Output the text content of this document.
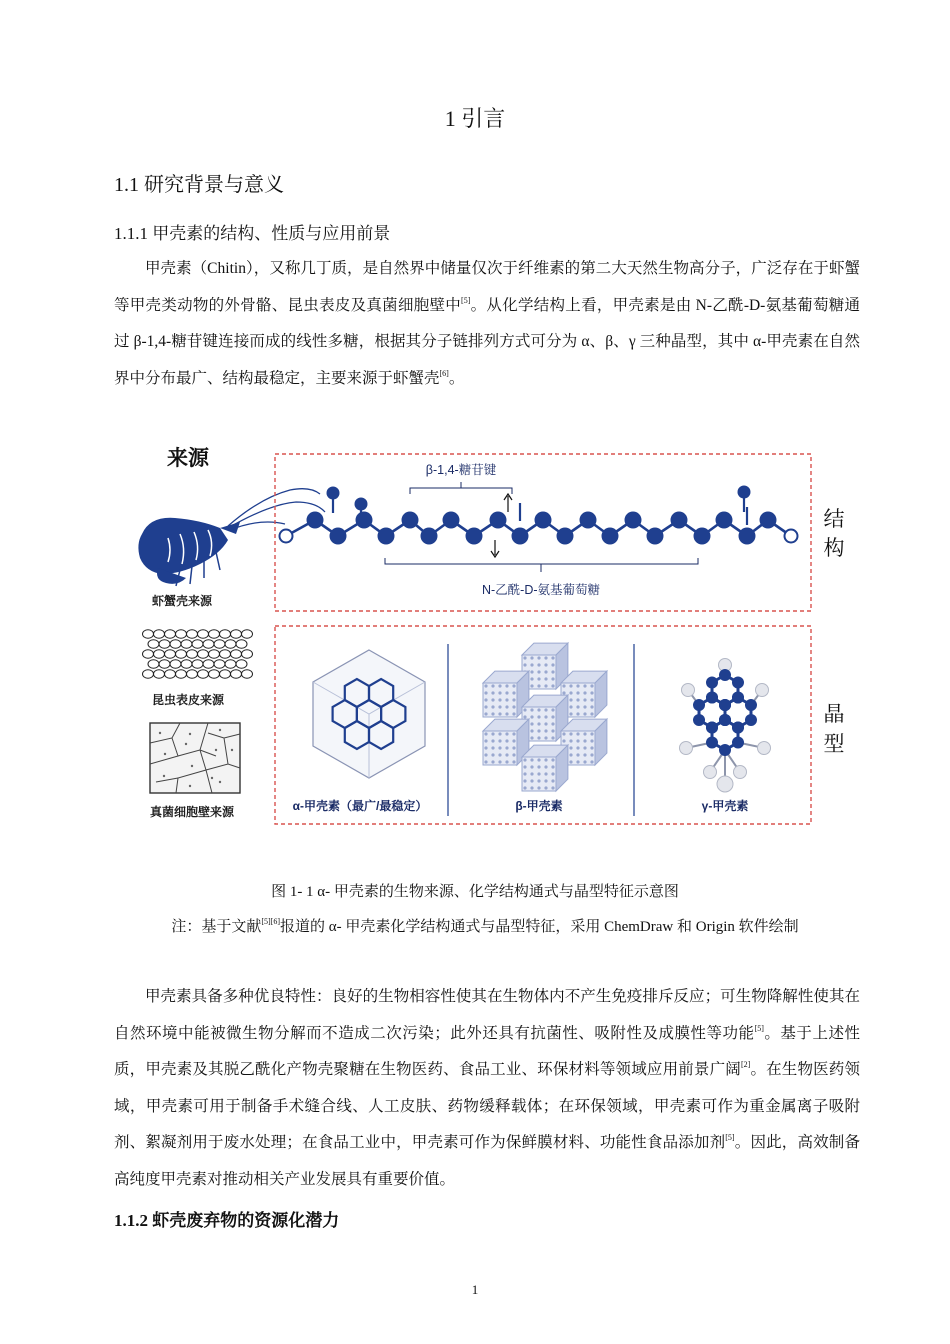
1 引言
1.1 研究背景与意义
1.1.1 甲壳素的结构、性质与应用前景
甲壳素（Chitin），又称几丁质，是自然界中储量仅次于纤维素的第二大天然生物高分子，广泛存在于虾蟹等甲壳类动物的外骨骼、昆虫表皮及真菌细胞壁中[5]。从化学结构上看，甲壳素是由 N-乙酰-D-氨基葡萄糖通过 β-1,4-糖苷键连接而成的线性多糖，根据其分子链排列方式可分为 α、β、γ 三种晶型，其中 α-甲壳素在自然界中分布最广、结构最稳定，主要来源于虾蟹壳[6]。
来源
虾蟹壳来源
昆虫表皮来源
真菌细胞壁来源
β-1,4-糖苷键
N-乙酰-D-氨基葡萄糖
结
构
晶
型
α-甲壳素（最广/最稳定）	β-甲壳素	γ-甲壳素
图 1- 1 α- 甲壳素的生物来源、化学结构通式与晶型特征示意图
注：基于文献[5][6]报道的 α- 甲壳素化学结构通式与晶型特征，采用 ChemDraw 和 Origin 软件绘制
甲壳素具备多种优良特性：良好的生物相容性使其在生物体内不产生免疫排斥反应；可生物降解性使其在自然环境中能被微生物分解而不造成二次污染；此外还具有抗菌性、吸附性及成膜性等功能[5]。基于上述性质，甲壳素及其脱乙酰化产物壳聚糖在生物医药、食品工业、环保材料等领域应用前景广阔[2]。在生物医药领域，甲壳素可用于制备手术缝合线、人工皮肤、药物缓释载体；在环保领域，甲壳素可作为重金属离子吸附剂、絮凝剂用于废水处理；在食品工业中，甲壳素可作为保鲜膜材料、功能性食品添加剂[5]。因此，高效制备高纯度甲壳素对推动相关产业发展具有重要价值。
1.1.2 虾壳废弃物的资源化潜力
1
